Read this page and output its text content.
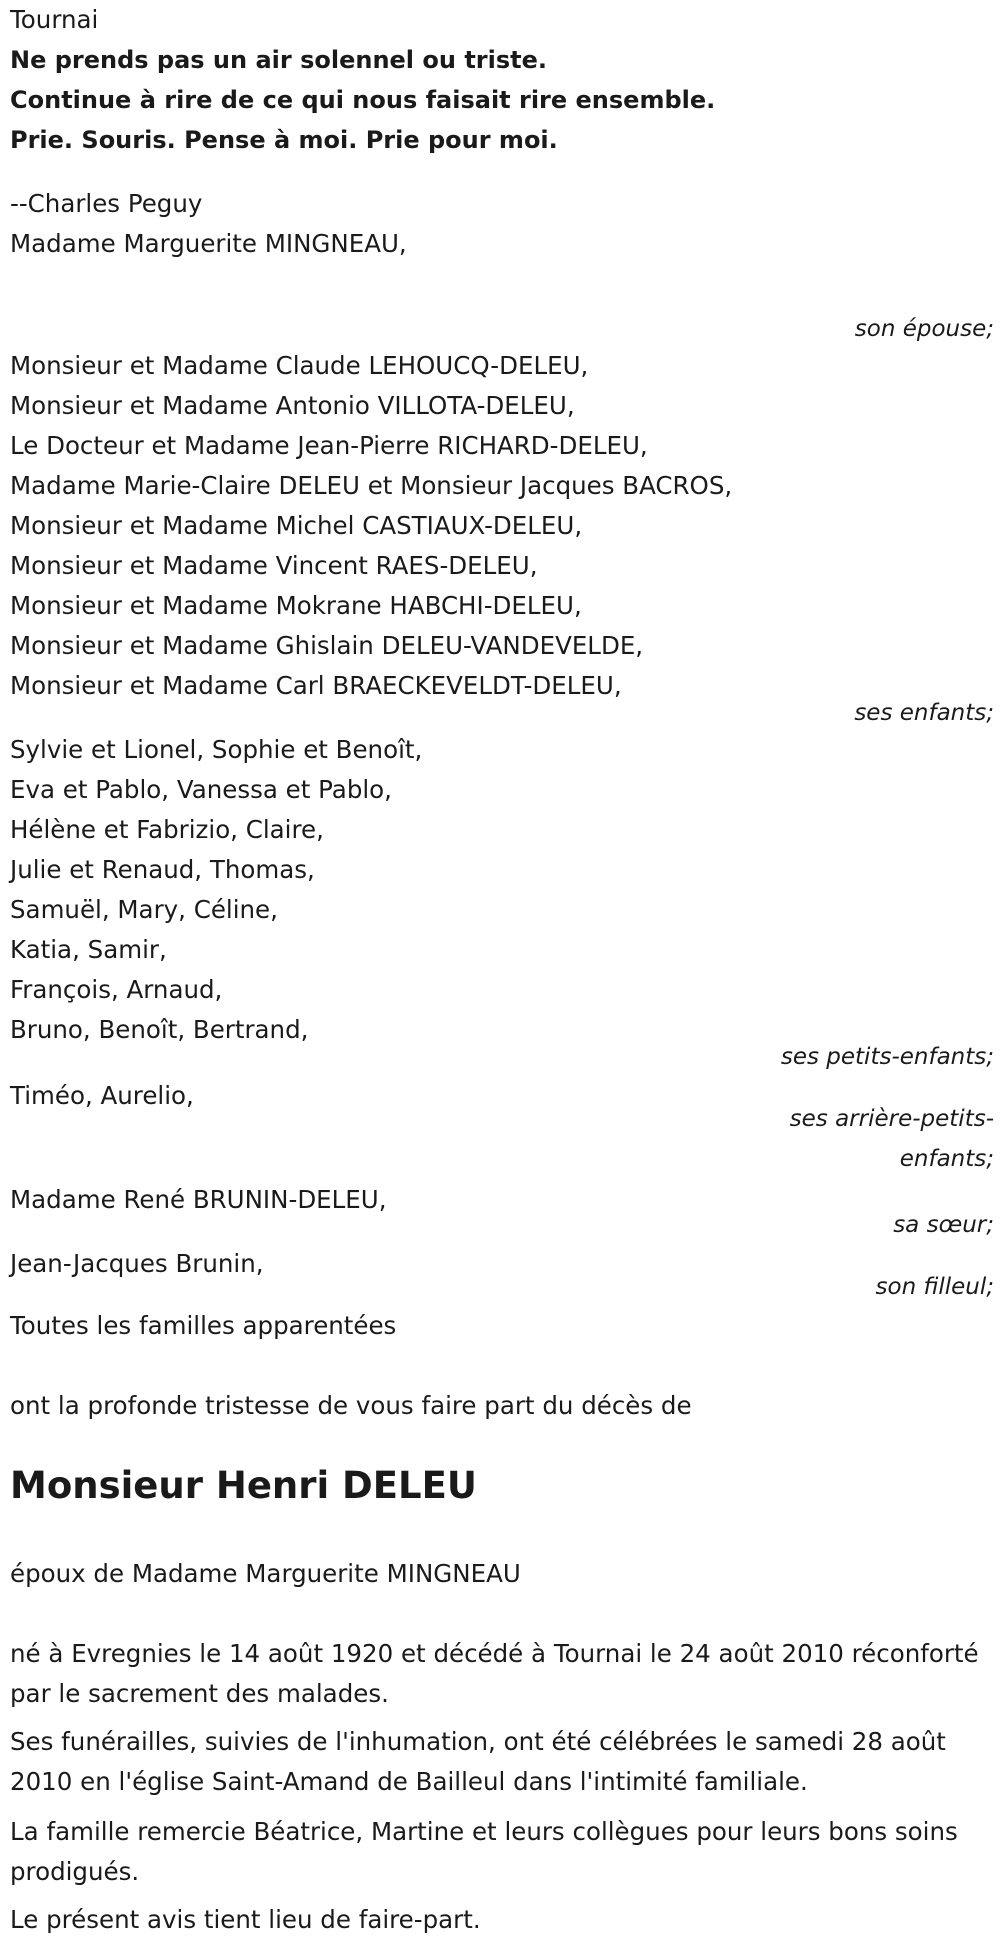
Tournai
Ne prends pas un air solennel ou triste.
Continue à rire de ce qui nous faisait rire ensemble.
Prie. Souris. Pense à moi. Prie pour moi.
--Charles Peguy
Madame Marguerite MINGNEAU,
son épouse;
Monsieur et Madame Claude LEHOUCQ-DELEU,
Monsieur et Madame Antonio VILLOTA-DELEU,
Le Docteur et Madame Jean-Pierre RICHARD-DELEU,
Madame Marie-Claire DELEU et Monsieur Jacques BACROS,
Monsieur et Madame Michel CASTIAUX-DELEU,
Monsieur et Madame Vincent RAES-DELEU,
Monsieur et Madame Mokrane HABCHI-DELEU,
Monsieur et Madame Ghislain DELEU-VANDEVELDE,
Monsieur et Madame Carl BRAECKEVELDT-DELEU,
ses enfants;
Sylvie et Lionel, Sophie et Benoît,
Eva et Pablo, Vanessa et Pablo,
Hélène et Fabrizio, Claire,
Julie et Renaud, Thomas,
Samuël, Mary, Céline,
Katia, Samir,
François, Arnaud,
Bruno, Benoît, Bertrand,
ses petits-enfants;
Timéo, Aurelio,
ses arrière-petits-
enfants;
Madame René BRUNIN-DELEU,
sa sœur;
Jean-Jacques Brunin,
son filleul;
Toutes les familles apparentées
ont la profonde tristesse de vous faire part du décès de
Monsieur Henri DELEU
époux de Madame Marguerite MINGNEAU
né à Evregnies le 14 août 1920 et décédé à Tournai le 24 août 2010 réconforté par le sacrement des malades.
Ses funérailles, suivies de l'inhumation, ont été célébrées le samedi 28 août 2010 en l'église Saint-Amand de Bailleul dans l'intimité familiale.
La famille remercie Béatrice, Martine et leurs collègues pour leurs bons soins prodigués.
Le présent avis tient lieu de faire-part.
